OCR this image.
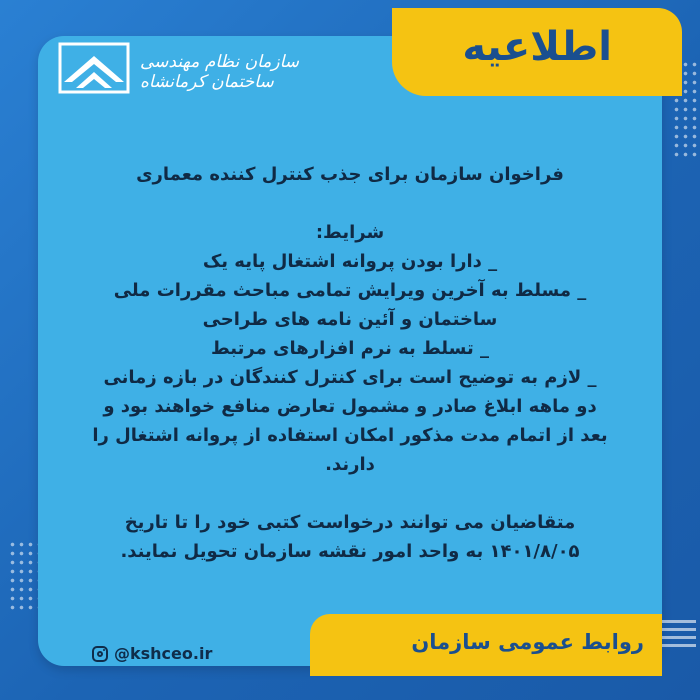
اطلاعیه
سازمان نظام مهندسی ساختمان کرمانشاه
فراخوان سازمان برای جذب کنترل کننده معماری
شرایط:
_ دارا بودن پروانه اشتغال پایه یک
_ مسلط به آخرین ویرایش تمامی مباحث مقررات ملی
ساختمان و آئین نامه های طراحی
_ تسلط به نرم افزارهای مرتبط
_ لازم به توضیح است برای کنترل کنندگان در بازه زمانی
دو ماهه ابلاغ صادر و مشمول تعارض منافع خواهند بود و
بعد از اتمام مدت مذکور امکان استفاده از پروانه اشتغال را دارند.
متقاضیان می توانند درخواست کتبی خود را تا تاریخ
۱۴۰۱/۸/۰۵ به واحد امور نقشه سازمان تحویل نمایند.
روابط عمومی سازمان
@kshceo.ir
